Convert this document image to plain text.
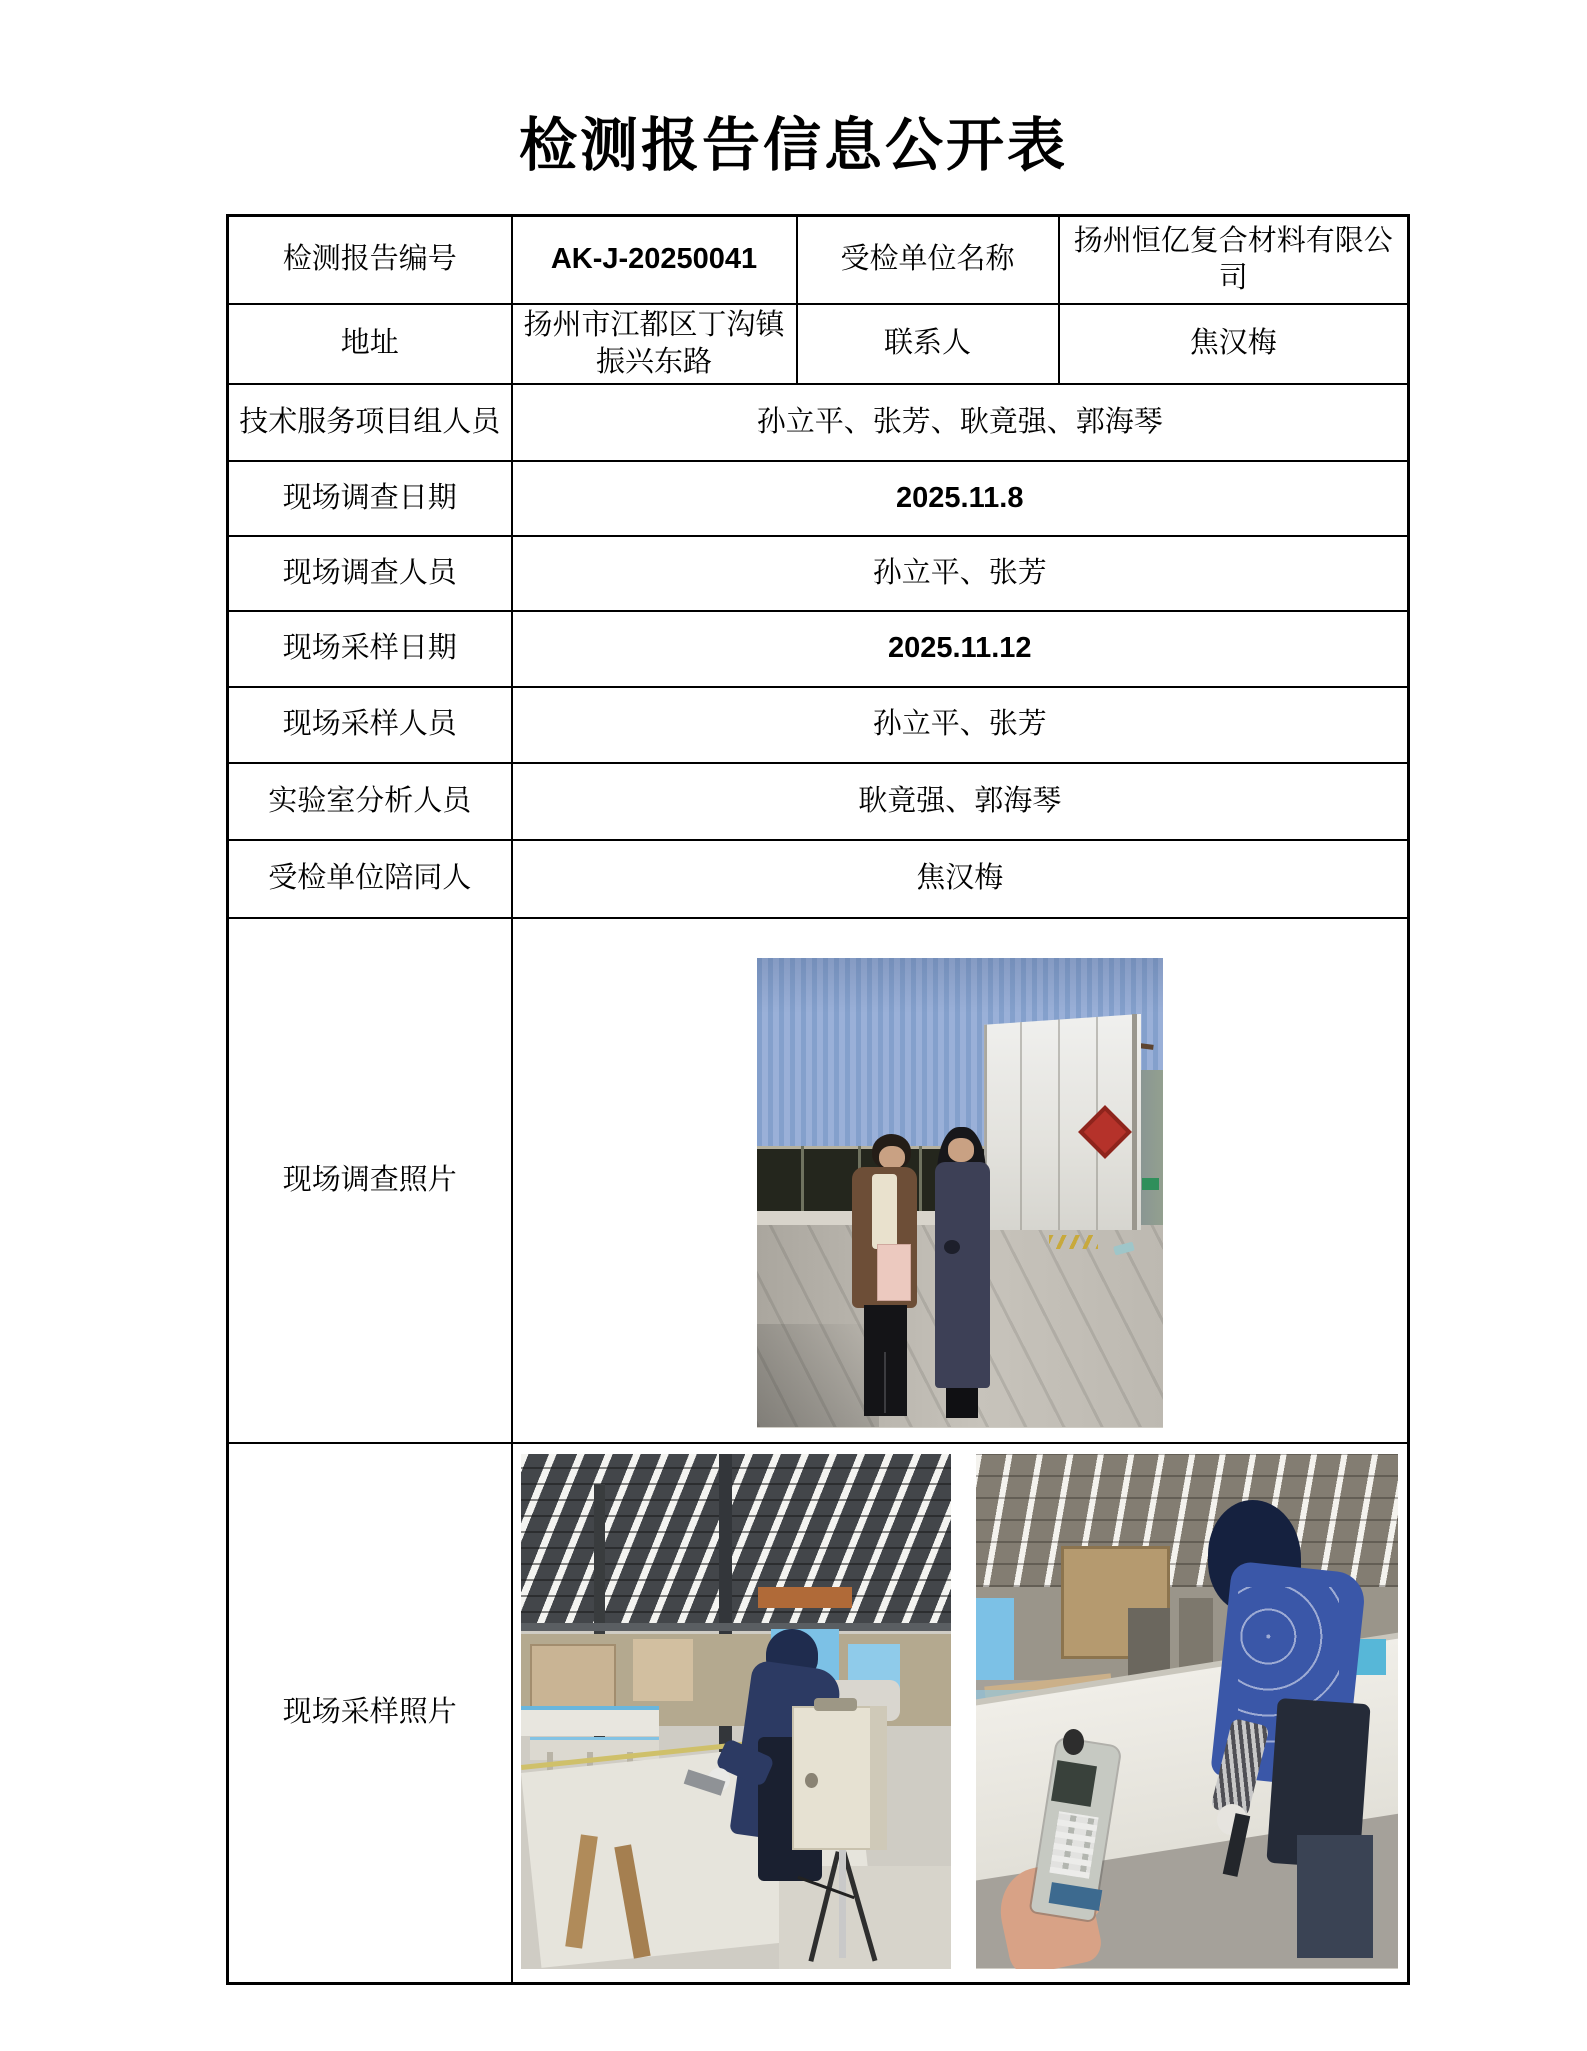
检测报告信息公开表
检测报告编号	AK-J-20250041	受检单位名称	扬州恒亿复合材料有限公司
地址	扬州市江都区丁沟镇振兴东路	联系人	焦汉梅
技术服务项目组人员	孙立平、张芳、耿竟强、郭海琴		
现场调查日期	2025.11.8		
现场调查人员	孙立平、张芳		
现场采样日期	2025.11.12		
现场采样人员	孙立平、张芳		
实验室分析人员	耿竟强、郭海琴		
受检单位陪同人	焦汉梅		
现场调查照片			

现场采样照片			
